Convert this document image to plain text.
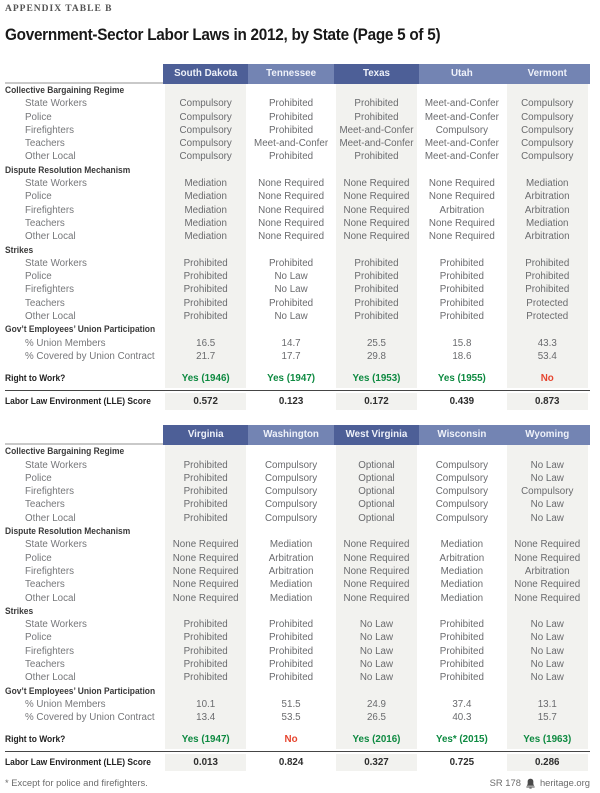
APPENDIX TABLE B
Government-Sector Labor Laws in 2012, by State (Page 5 of 5)
South Dakota	Tennessee	Texas	Utah	Vermont
Collective Bargaining Regime
State Workers	Compulsory	Prohibited	Prohibited	Meet-and-Confer	Compulsory
Police	Compulsory	Prohibited	Prohibited	Meet-and-Confer	Compulsory
Firefighters	Compulsory	Prohibited	Meet-and-Confer	Compulsory	Compulsory
Teachers	Compulsory	Meet-and-Confer	Meet-and-Confer	Meet-and-Confer	Compulsory
Other Local	Compulsory	Prohibited	Prohibited	Meet-and-Confer	Compulsory
Dispute Resolution Mechanism
State Workers	Mediation	None Required	None Required	None Required	Mediation
Police	Mediation	None Required	None Required	None Required	Arbitration
Firefighters	Mediation	None Required	None Required	Arbitration	Arbitration
Teachers	Mediation	None Required	None Required	None Required	Mediation
Other Local	Mediation	None Required	None Required	None Required	Arbitration
Strikes
State Workers	Prohibited	Prohibited	Prohibited	Prohibited	Prohibited
Police	Prohibited	No Law	Prohibited	Prohibited	Prohibited
Firefighters	Prohibited	No Law	Prohibited	Prohibited	Prohibited
Teachers	Prohibited	Prohibited	Prohibited	Prohibited	Protected
Other Local	Prohibited	No Law	Prohibited	Prohibited	Protected
Gov’t Employees’ Union Participation
% Union Members	16.5	14.7	25.5	15.8	43.3
% Covered by Union Contract	21.7	17.7	29.8	18.6	53.4
Right to Work?	Yes (1946)	Yes (1947)	Yes (1953)	Yes (1955)	No
Labor Law Environment (LLE) Score	0.572	0.123	0.172	0.439	0.873
Virginia	Washington	West Virginia	Wisconsin	Wyoming
Collective Bargaining Regime
State Workers	Prohibited	Compulsory	Optional	Compulsory	No Law
Police	Prohibited	Compulsory	Optional	Compulsory	No Law
Firefighters	Prohibited	Compulsory	Optional	Compulsory	Compulsory
Teachers	Prohibited	Compulsory	Optional	Compulsory	No Law
Other Local	Prohibited	Compulsory	Optional	Compulsory	No Law
Dispute Resolution Mechanism
State Workers	None Required	Mediation	None Required	Mediation	None Required
Police	None Required	Arbitration	None Required	Arbitration	None Required
Firefighters	None Required	Arbitration	None Required	Mediation	Arbitration
Teachers	None Required	Mediation	None Required	Mediation	None Required
Other Local	None Required	Mediation	None Required	Mediation	None Required
Strikes
State Workers	Prohibited	Prohibited	No Law	Prohibited	No Law
Police	Prohibited	Prohibited	No Law	Prohibited	No Law
Firefighters	Prohibited	Prohibited	No Law	Prohibited	No Law
Teachers	Prohibited	Prohibited	No Law	Prohibited	No Law
Other Local	Prohibited	Prohibited	No Law	Prohibited	No Law
Gov’t Employees’ Union Participation
% Union Members	10.1	51.5	24.9	37.4	13.1
% Covered by Union Contract	13.4	53.5	26.5	40.3	15.7
Right to Work?	Yes (1947)	No	Yes (2016)	Yes* (2015)	Yes (1963)
Labor Law Environment (LLE) Score	0.013	0.824	0.327	0.725	0.286
* Except for police and firefighters.	SR 178 heritage.org
